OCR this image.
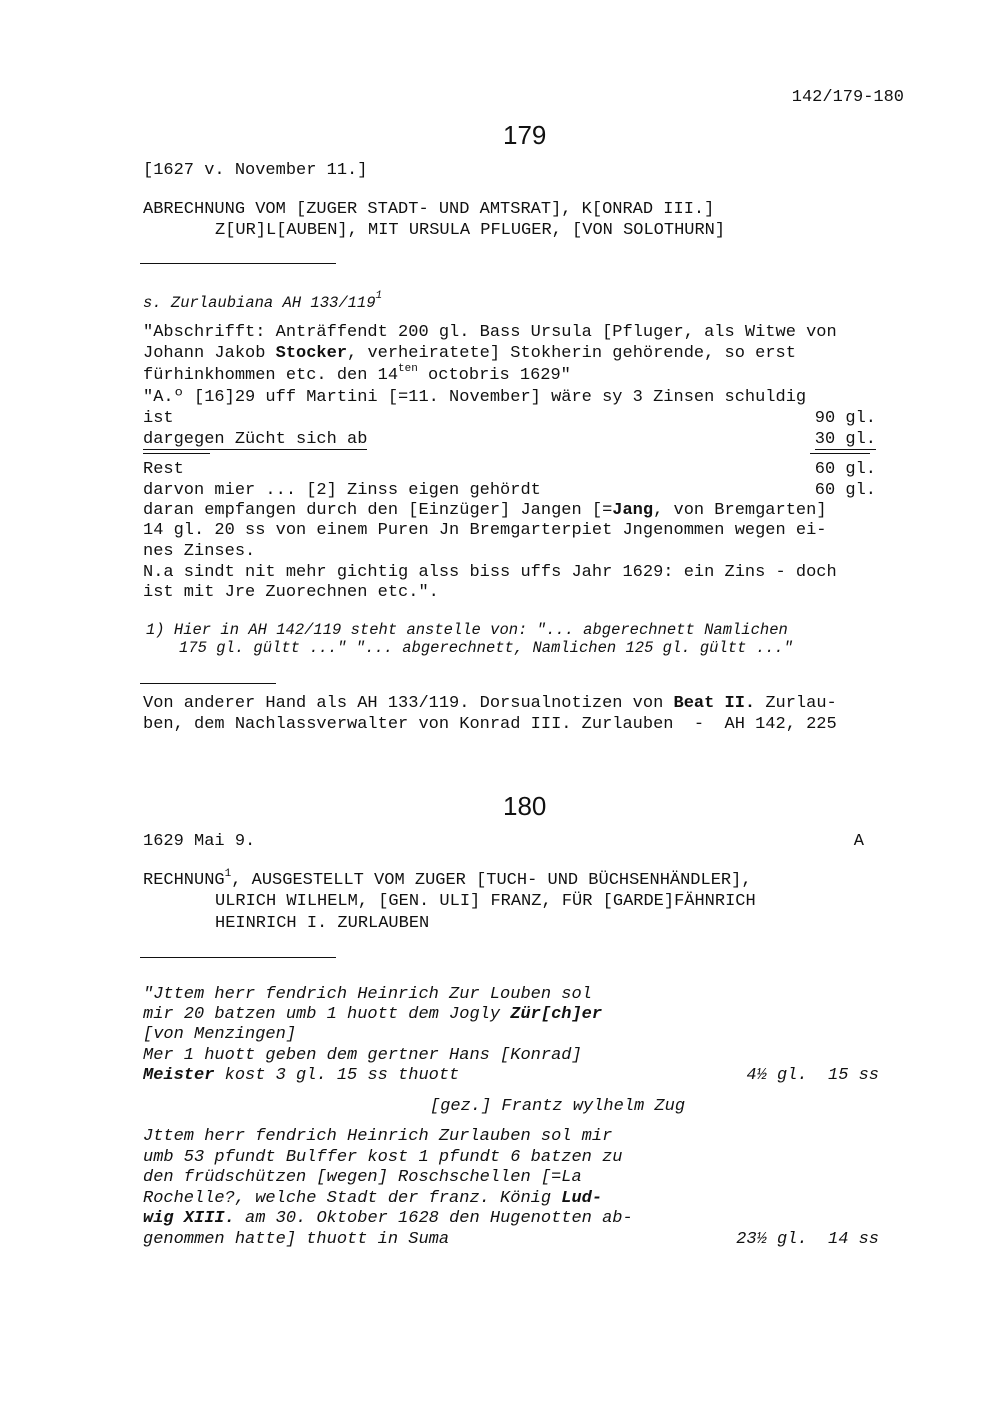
142/179-180
179
[1627 v. November 11.]
ABRECHNUNG VOM [ZUGER STADT- UND AMTSRAT], K[ONRAD III.]
Z[UR]L[AUBEN], MIT URSULA PFLUGER, [VON SOLOTHURN]
s. Zurlaubiana AH $133/119^1$
"Abschrifft: Anträffendt 200 gl. Bass Ursula [Pfluger, als Witwe von
Johann Jakob Stocker, verheiratete] Stokherin gehörende, so erst
fürhinkhommen etc. den $14^{ten}$ octobris 1629"
"A.º [16]29 uff Martini [=11. November] wäre sy 3 Zinsen schuldig
ist	90 gl.
dargegen Zücht sich ab	30 gl.
Rest	60 gl.
darvon mier ... [2] Zinss eigen gehördt	60 gl.
daran empfangen durch den [Einzüger] Jangen [=Jang, von Bremgarten]
14 gl. 20 ss von einem Puren Jn Bremgarterpiet Jngenommen wegen ei-
nes Zinses.
N.a sindt nit mehr gichtig alss biss uffs Jahr 1629: ein Zins - doch
ist mit Jre Zuorechnen etc.".
1) Hier in AH 142/119 steht anstelle von: "... abgerechnett Namlichen
175 gl. gültt ..." "... abgerechnett, Namlichen 125 gl. gültt ..."
Von anderer Hand als AH 133/119. Dorsualnotizen von Beat II. Zurlau-
ben, dem Nachlassverwalter von Konrad III. Zurlauben  -  AH 142, 225
180
1629 Mai 9.	A
RECHNUNG$^1$, AUSGESTELLT VOM ZUGER [TUCH- UND BÜCHSENHÄNDLER],
ULRICH WILHELM, [GEN. ULI] FRANZ, FÜR [GARDE]FÄHNRICH
HEINRICH I. ZURLAUBEN
"Jttem herr fendrich Heinrich Zur Louben sol
mir 20 batzen umb 1 huott dem Jogly Zür[ch]er
[von Menzingen]
Mer 1 huott geben dem gertner Hans [Konrad]
Meister kost 3 gl. 15 ss thuott	4½ gl.  15 ss
[gez.] Frantz wylhelm Zug
Jttem herr fendrich Heinrich Zurlauben sol mir
umb 53 pfundt Bulffer kost 1 pfundt 6 batzen zu
den früdschützen [wegen] Roschschellen [=La
Rochelle?, welche Stadt der franz. König Lud-
wig XIII. am 30. Oktober 1628 den Hugenotten ab-
genommen hatte] thuott in Suma	23½ gl.  14 ss
